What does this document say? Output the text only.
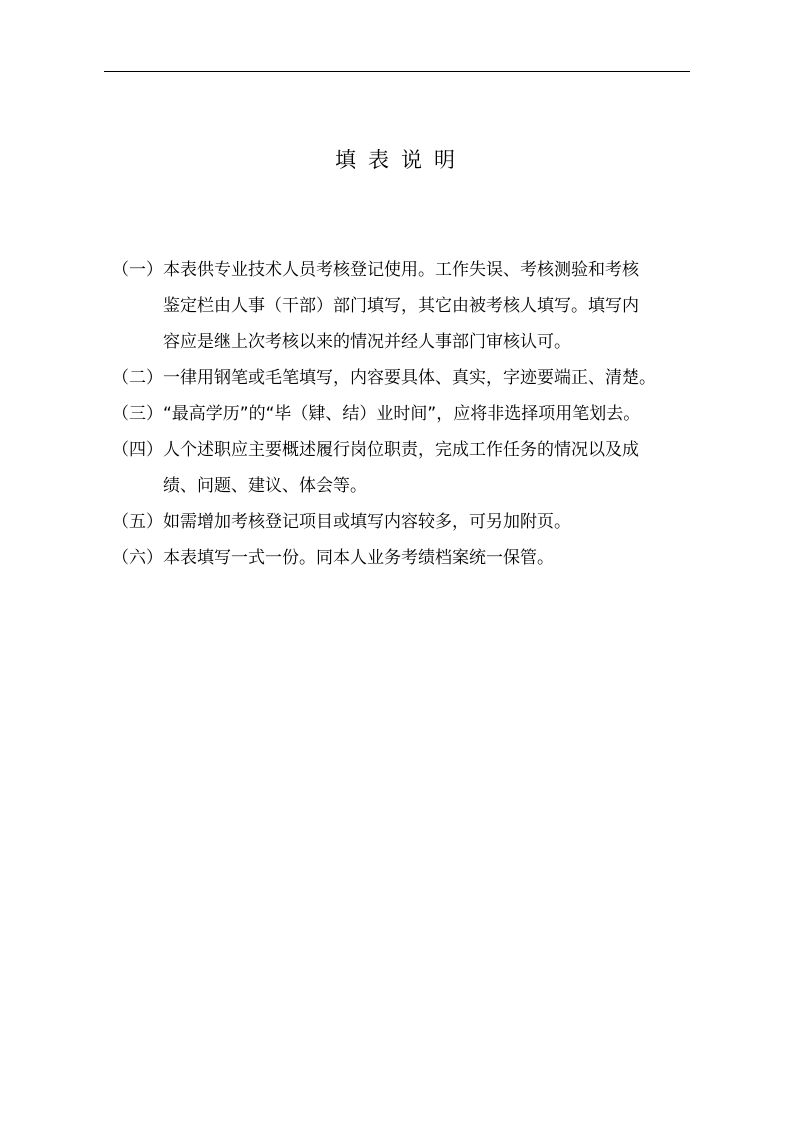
填表说明
（一） 本表供专业技术人员考核登记使用。工作失误、考核测验和考核
鉴定栏由人事（干部）部门填写，其它由被考核人填写。填写内
容应是继上次考核以来的情况并经人事部门审核认可。
（二） 一律用钢笔或毛笔填写，内容要具体、真实，字迹要端正、清楚。
（三） “最高学历”的“毕（肄、结）业时间”，应将非选择项用笔划去。
（四） 人个述职应主要概述履行岗位职责，完成工作任务的情况以及成
绩、问题、建议、体会等。
（五） 如需增加考核登记项目或填写内容较多，可另加附页。
（六） 本表填写一式一份。同本人业务考绩档案统一保管。
